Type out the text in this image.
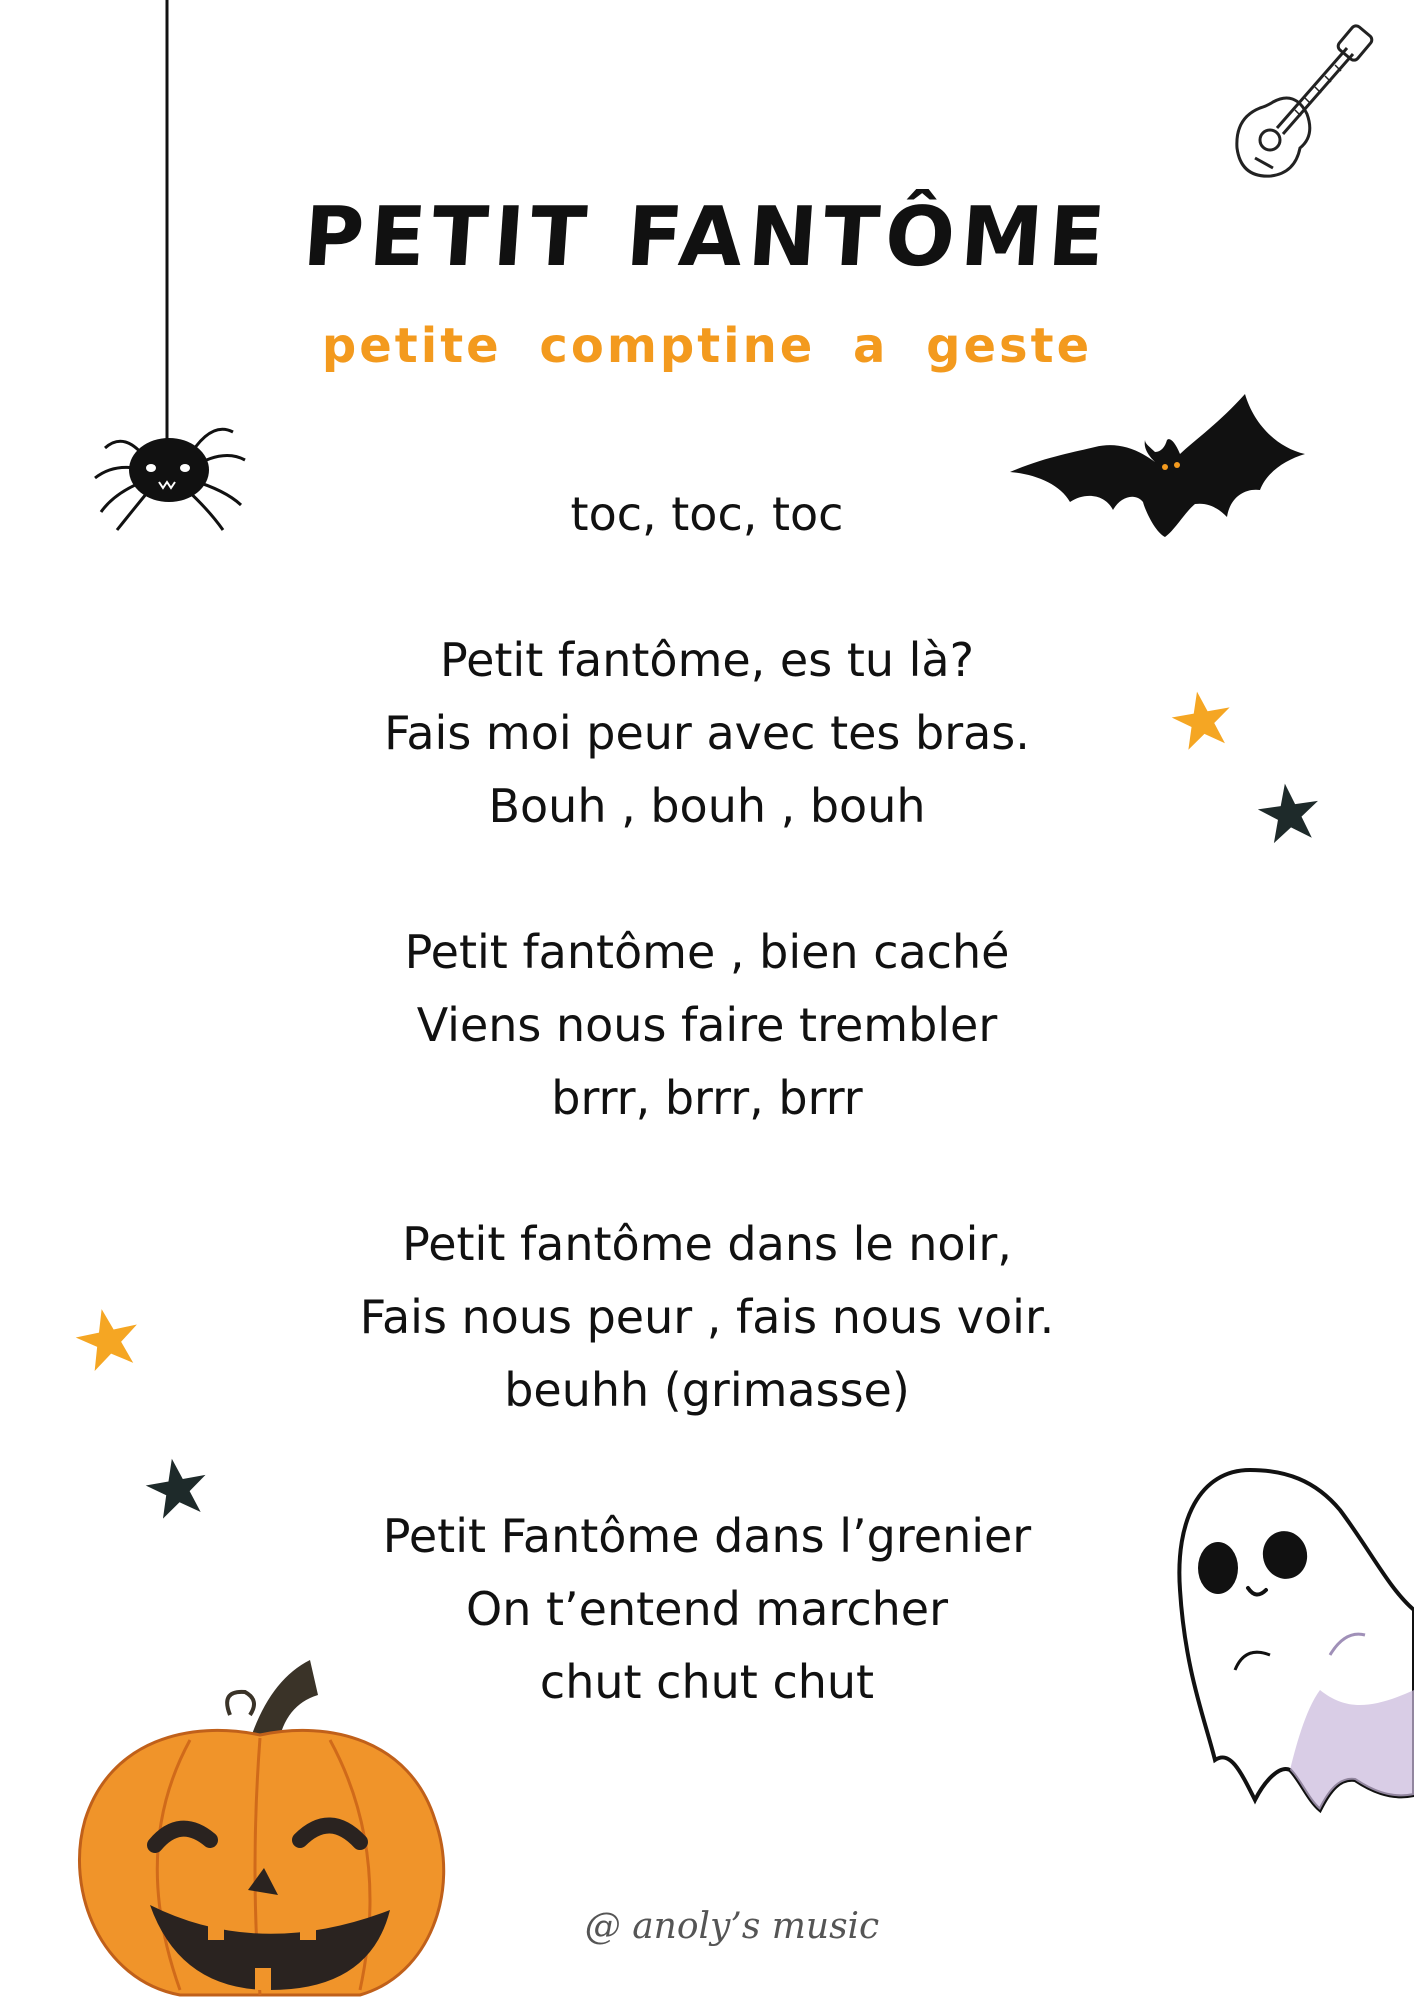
PETIT FANTÔME
petite comptine a geste
toc, toc, toc
Petit fantôme, es tu là?
Fais moi peur avec tes bras.
Bouh , bouh , bouh
Petit fantôme , bien caché
Viens nous faire trembler
brrr, brrr, brrr
Petit fantôme dans le noir,
Fais nous peur , fais nous voir.
beuhh (grimasse)
Petit Fantôme dans l’grenier
On t’entend marcher
chut chut chut
@ anoly’s music
